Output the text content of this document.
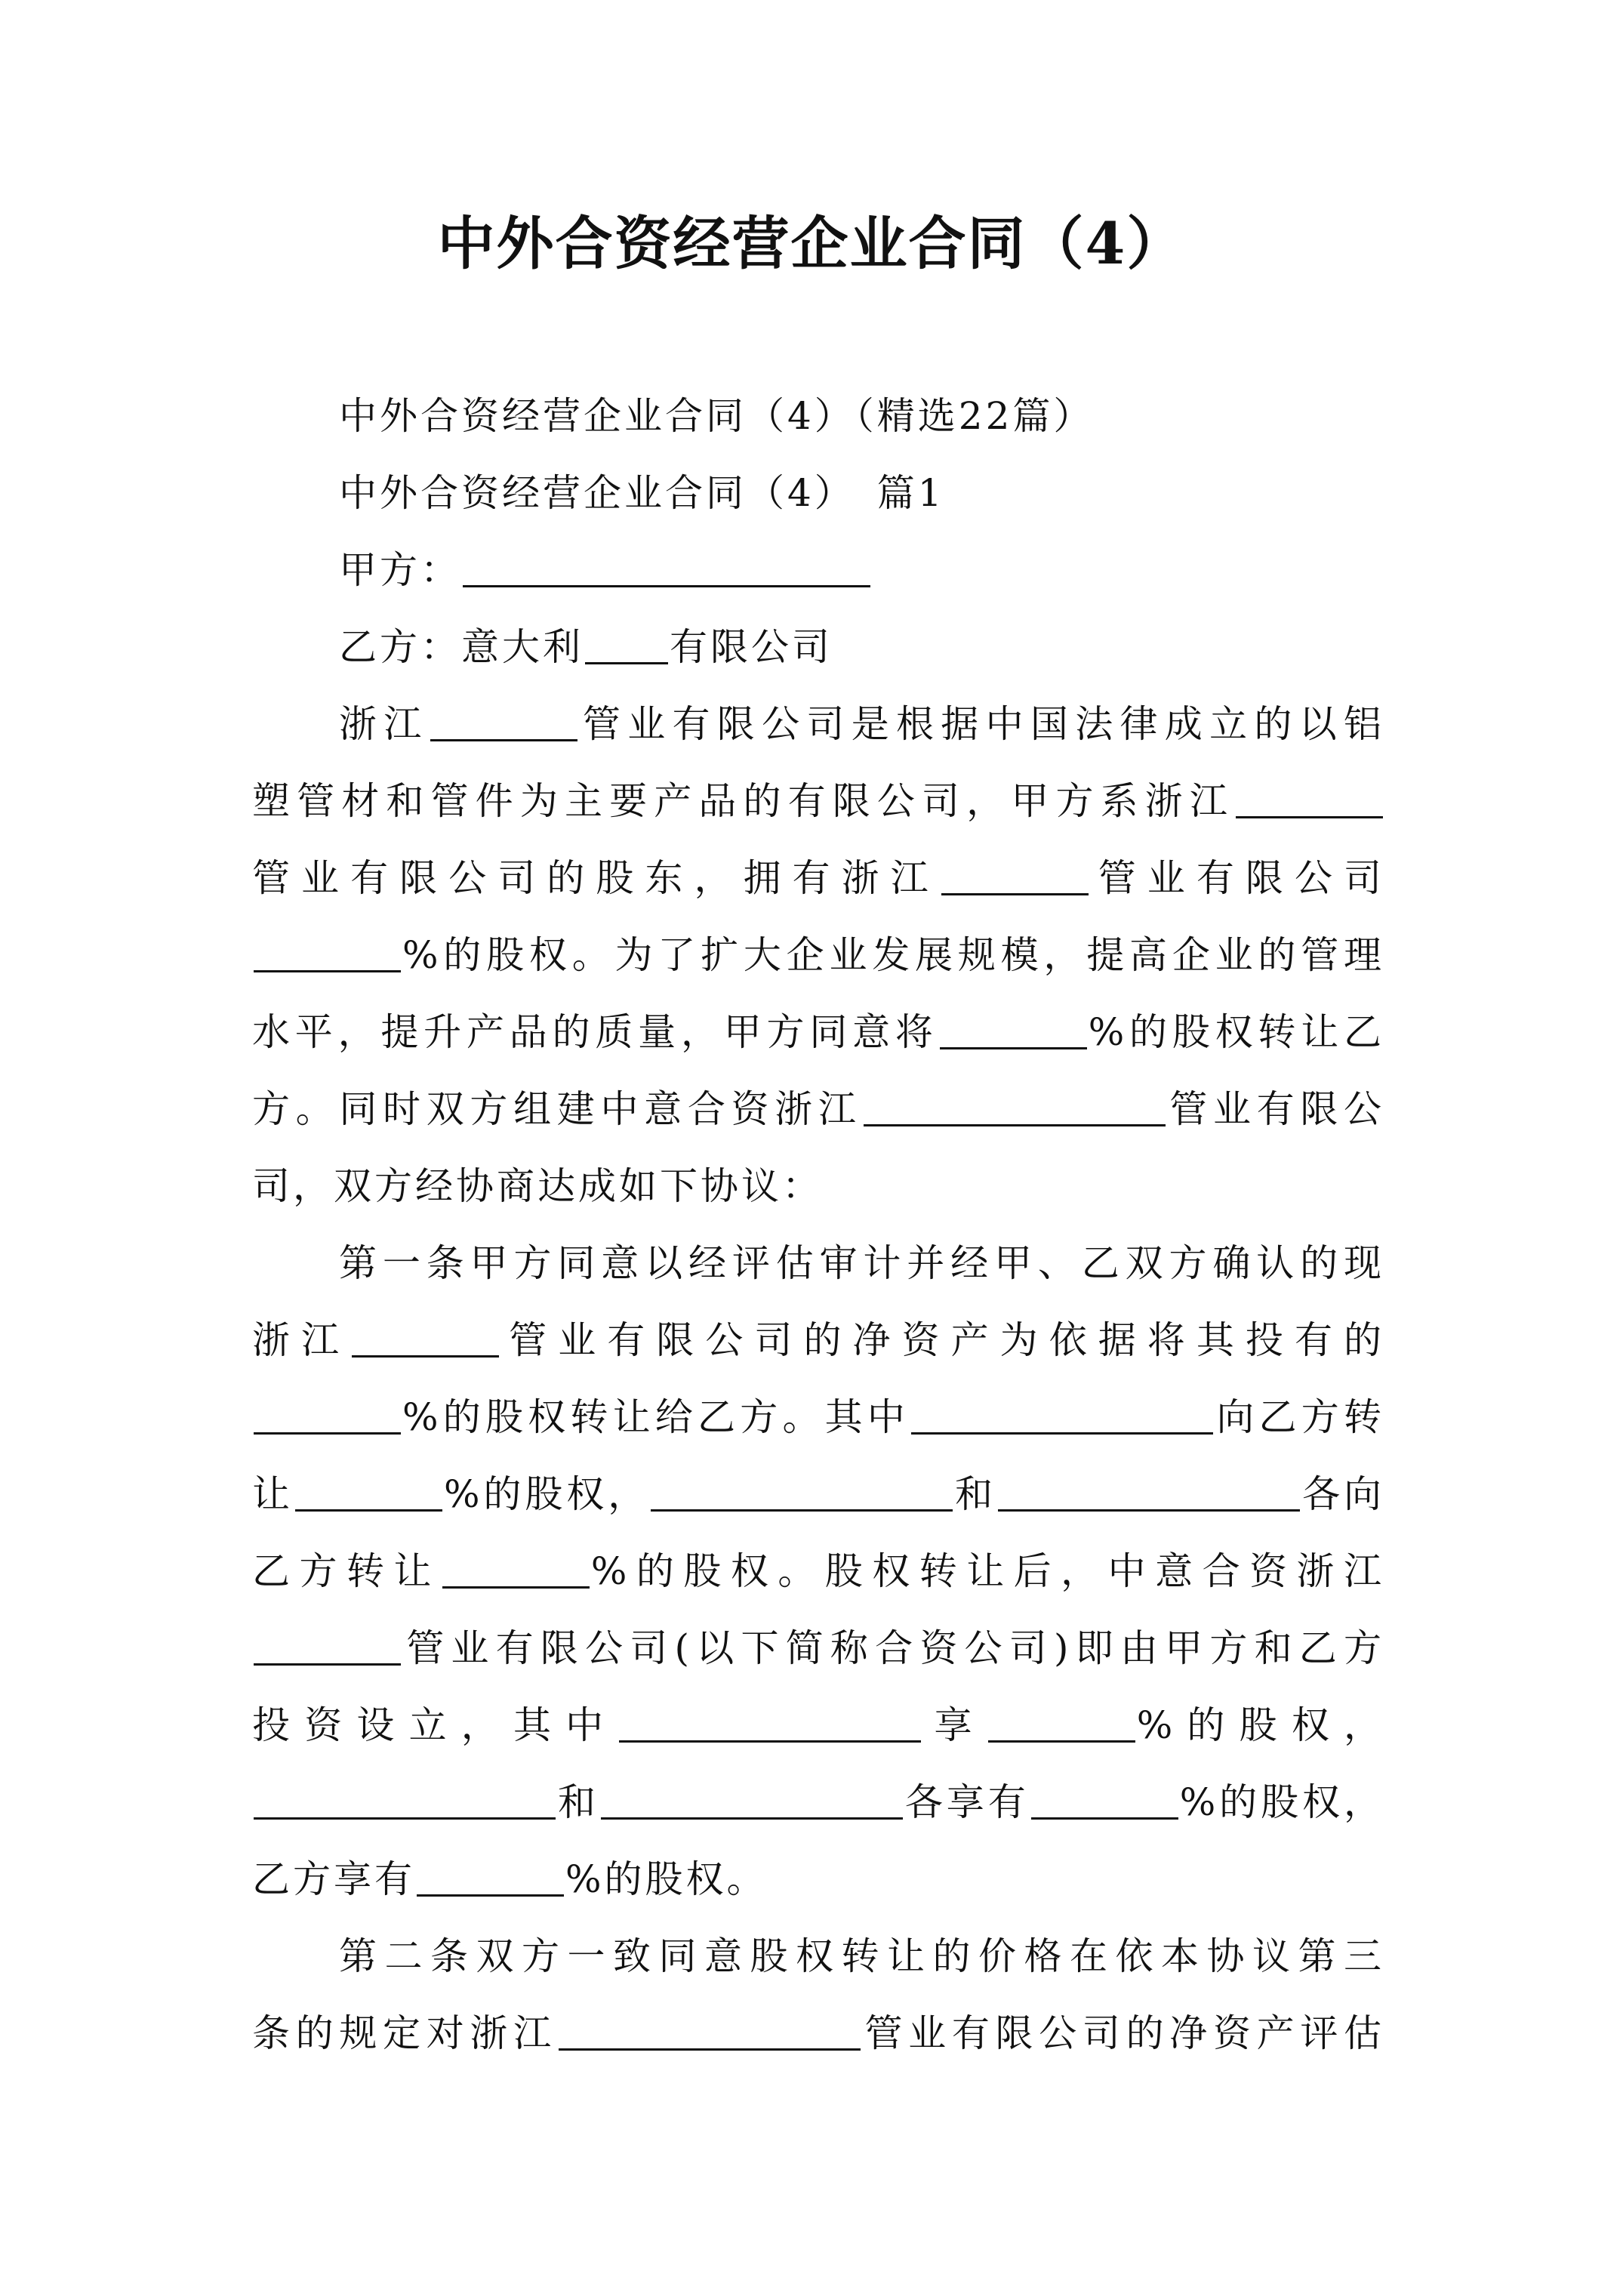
中外合资经营企业合同（4）
中外合资经营企业合同（4）（精选22篇）
中外合资经营企业合同（4）　篇1
甲方：
乙方：意大利 有限公司
浙江	管业有限公司是根据中国法律成立的以铝
塑管材和管件为主要产品的有限公司，甲方系浙江
管业有限公司的股东，拥有浙江	管业有限公司
%的股权。为了扩大企业发展规模，提高企业的管理
水平，提升产品的质量，甲方同意将	%的股权转让乙
方。同时双方组建中意合资浙江	管业有限公
司，双方经协商达成如下协议：
第一条甲方同意以经评估审计并经甲、乙双方确认的现
浙江	管业有限公司的净资产为依据将其投有的
%的股权转让给乙方。其中	向乙方转
让	%的股权，	和	各向
乙方转让	%的股权。股权转让后，中意合资浙江
管业有限公司(以下简称合资公司)即由甲方和乙方
投资设立，其中	享	%的股权，
和	各享有	%的股权，
乙方享有	%的股权。
第二条双方一致同意股权转让的价格在依本协议第三
条的规定对浙江	管业有限公司的净资产评估
